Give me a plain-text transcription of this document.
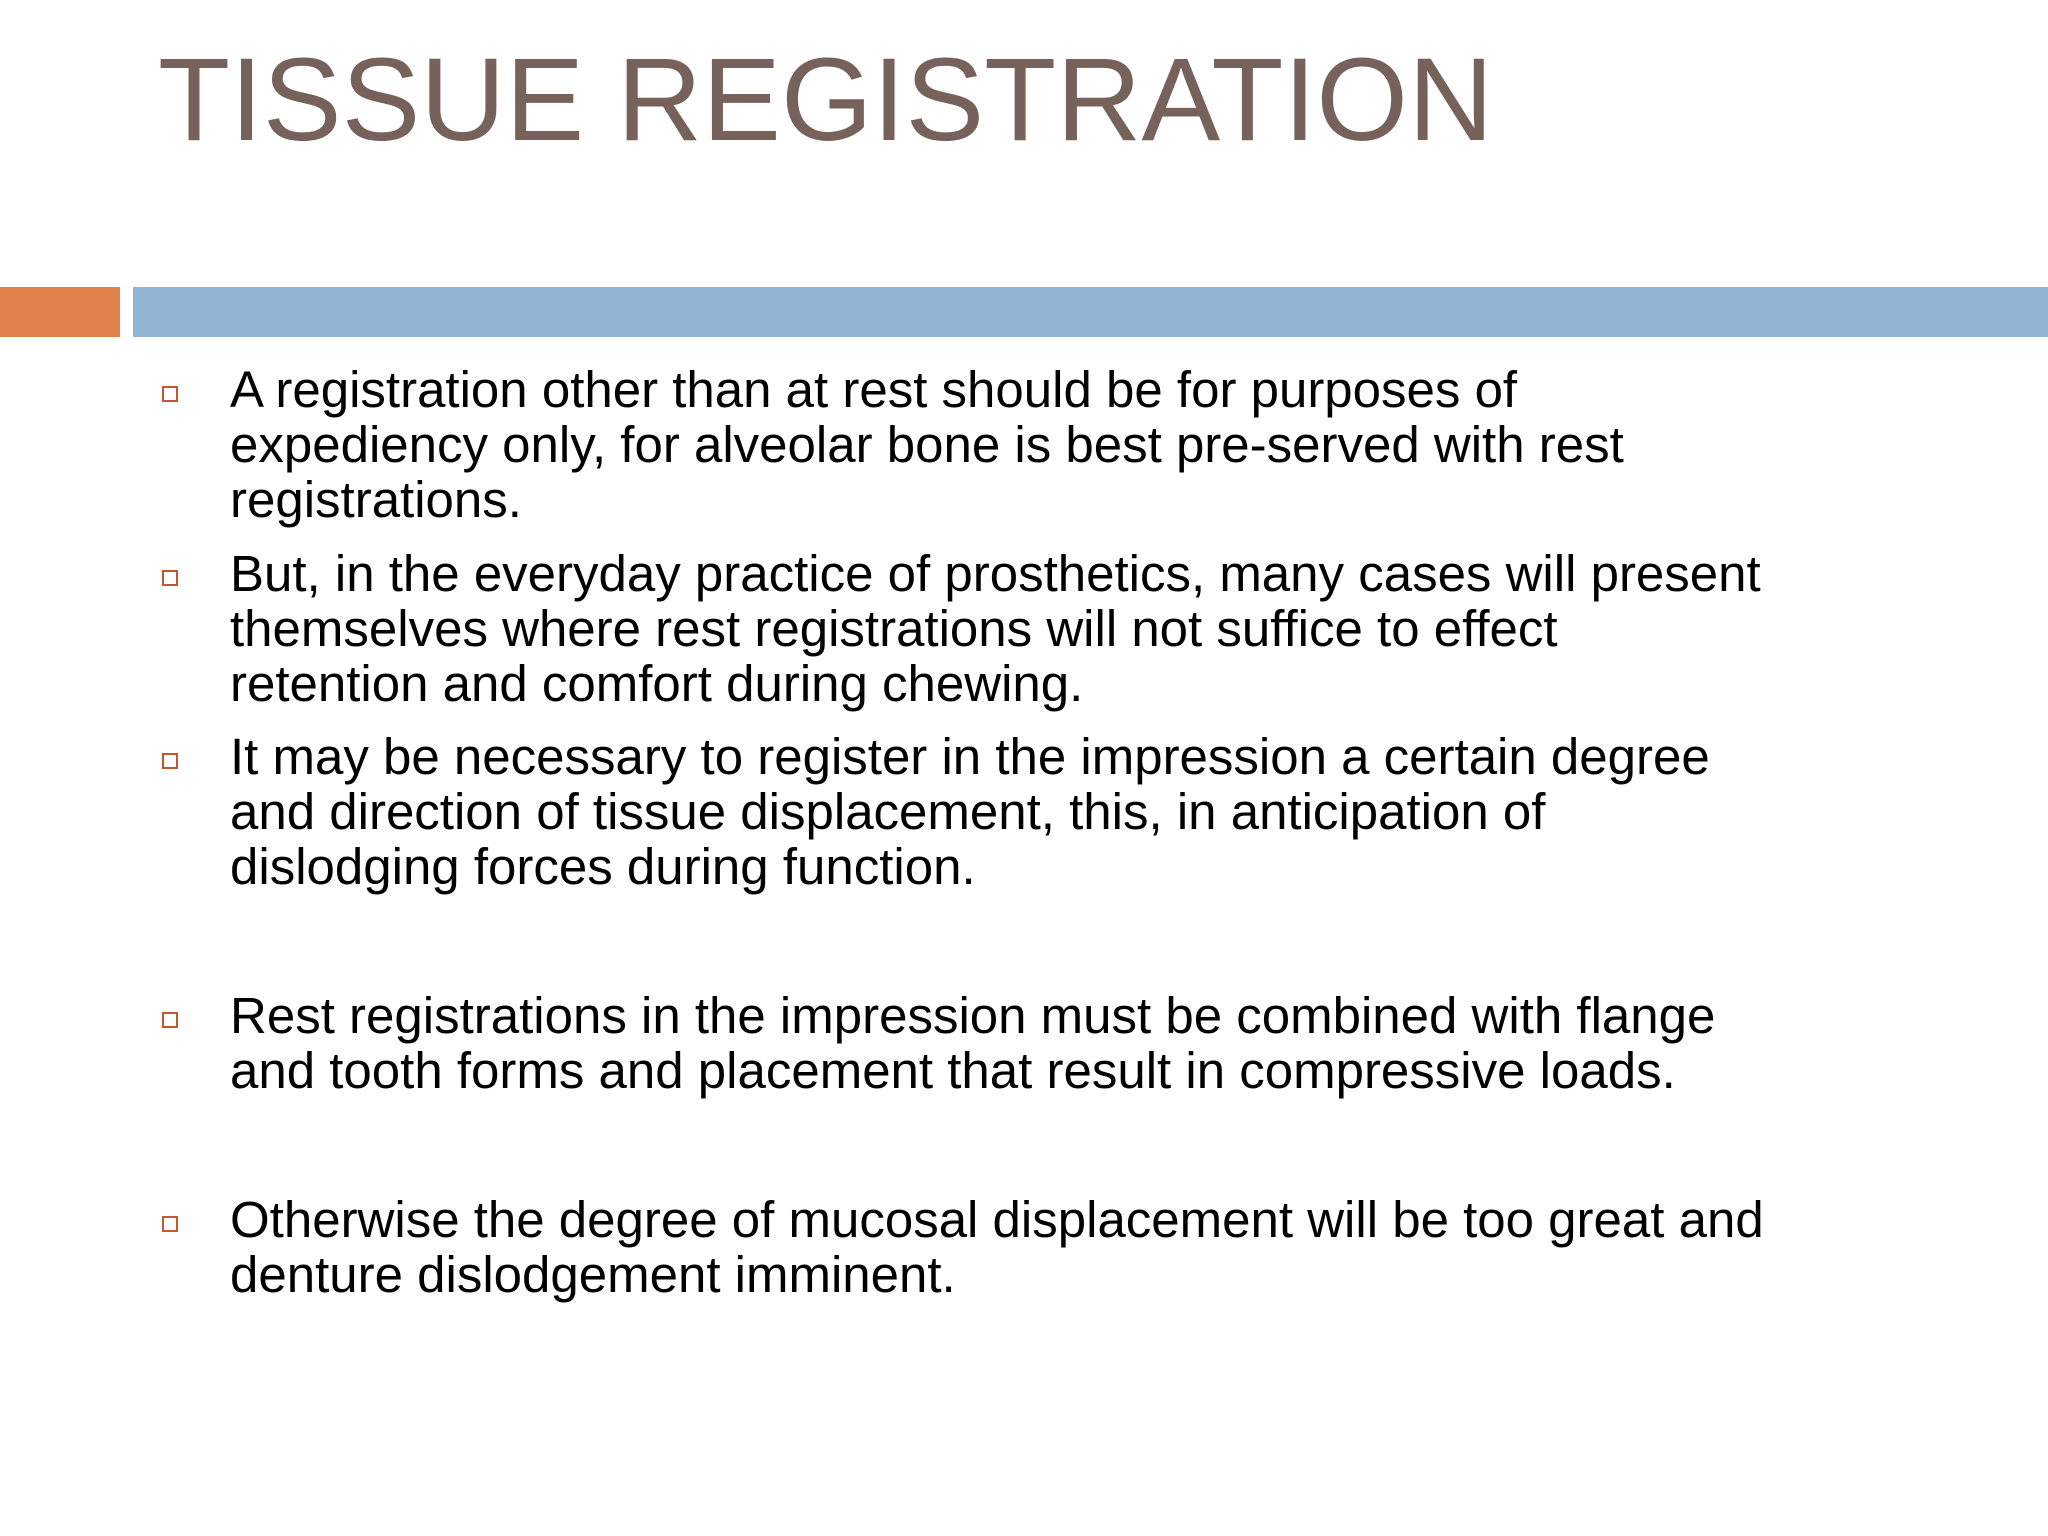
TISSUE REGISTRATION
A registration other than at rest should be for purposes of
expediency only, for alveolar bone is best pre-served with rest
registrations.
But, in the everyday practice of prosthetics, many cases will present
themselves where rest registrations will not suffice to effect
retention and comfort during chewing.
It may be necessary to register in the impression a certain degree
and direction of tissue displacement, this, in anticipation of
dislodging forces during function.
Rest registrations in the impression must be combined with flange
and tooth forms and placement that result in compressive loads.
Otherwise the degree of mucosal displacement will be too great and
denture dislodgement imminent.
